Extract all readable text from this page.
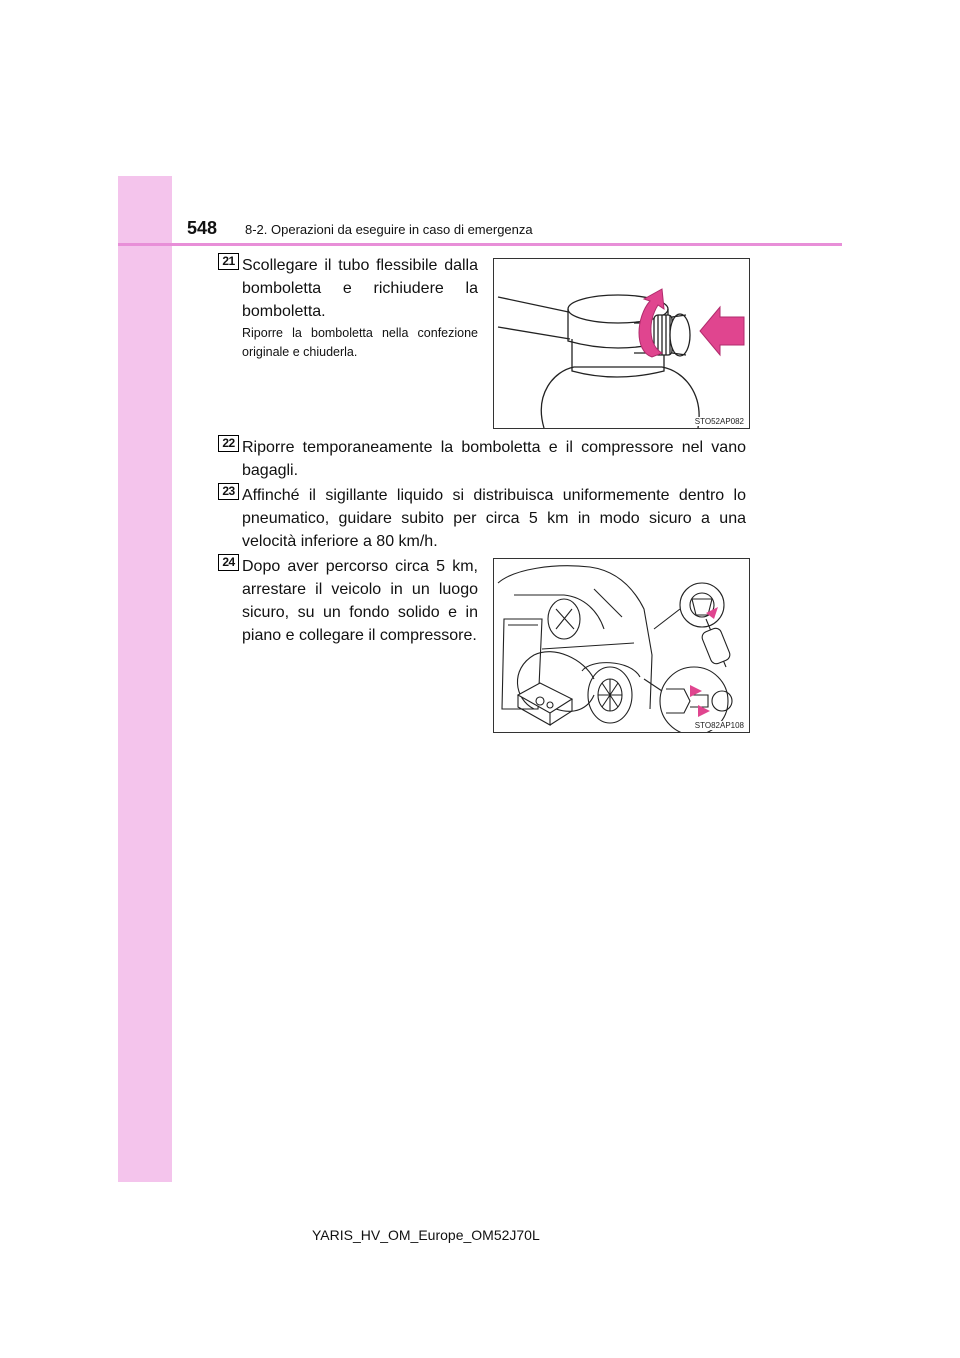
548 8-2. Operazioni da eseguire in caso di emergenza
21 Scollegare il tubo flessibile dalla bomboletta e richiudere la bomboletta.
Riporre la bomboletta nella confezione originale e chiuderla.
STO52AP082
22 Riporre temporaneamente la bomboletta e il compressore nel vano bagagli.
23 Affinché il sigillante liquido si distribuisca uniformemente dentro lo pneumatico, guidare subito per circa 5 km in modo sicuro a una velocità inferiore a 80 km/h.
24 Dopo aver percorso circa 5 km, arrestare il veicolo in un luogo sicuro, su un fondo solido e in piano e collegare il compressore.
STO82AP108
YARIS_HV_OM_Europe_OM52J70L
